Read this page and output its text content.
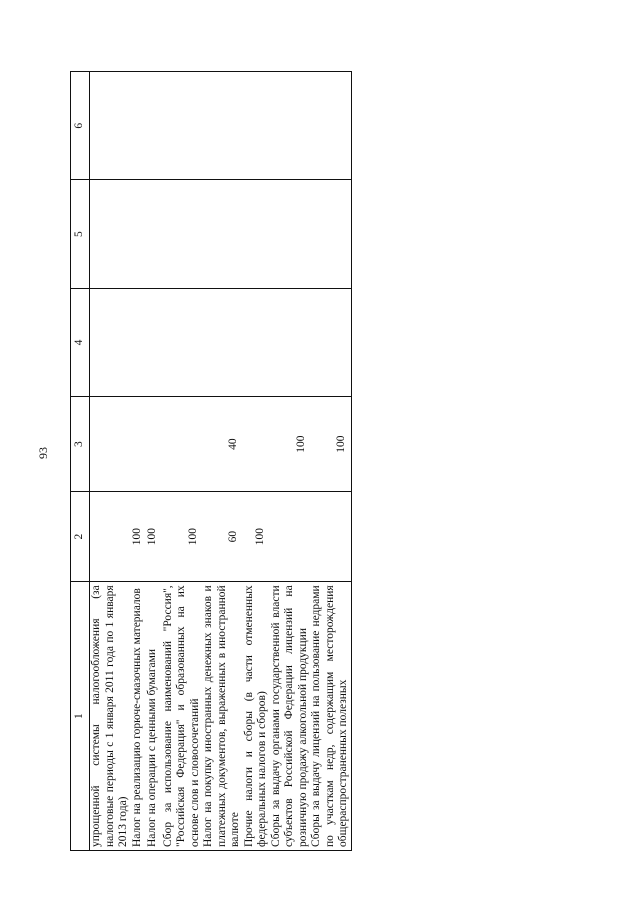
93
1	2	3	4	5	6
упрощенной системы налогообложения (за налоговые периоды с 1 января 2011 года по 1 января 2013 года)					
Налог на реализацию горюче-смазочных материалов	100				
Налог на операции с ценными бумагами	100				
Сбор за использование наименований "Россия", "Российская Федерация" и образованных на их основе слов и словосочетаний	100				
Налог на покупку иностранных денежных знаков и платежных документов, выраженных в иностранной валюте	60	40			
Прочие налоги и сборы (в части отмененных федеральных налогов и сборов)	100				
Сборы за выдачу органами государственной власти субъектов Российской Федерации лицензий на розничную продажу алкогольной продукции		100			
Сборы за выдачу лицензий на пользование недрами по участкам недр, содержащим месторождения общераспространенных полезных		100			
